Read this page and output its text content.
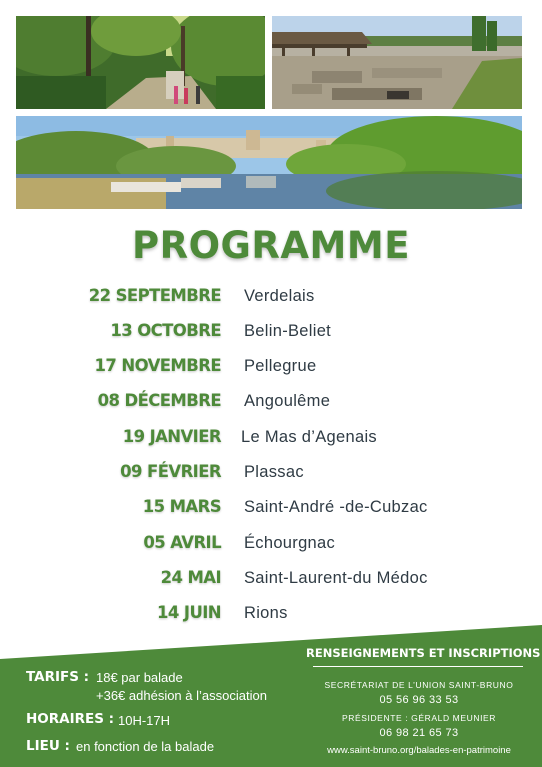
PROGRAMME
22 SEPTEMBRE Verdelais
13 OCTOBRE Belin-Beliet
17 NOVEMBRE Pellegrue
08 DÉCEMBRE Angoulême
19 JANVIER Le Mas d’Agenais
09 FÉVRIER Plassac
15 MARS Saint-André -de-Cubzac
05 AVRIL Échourgnac
24 MAI Saint-Laurent-du Médoc
14 JUIN Rions
TARIFS : 18€ par balade
+36€ adhésion à l’association
HORAIRES : 10H-17H
LIEU : en fonction de la balade
RENSEIGNEMENTS ET INSCRIPTIONS
SECRÉTARIAT DE L’UNION SAINT-BRUNO
05 56 96 33 53
PRÉSIDENTE : GÉRALD MEUNIER
06 98 21 65 73
www.saint-bruno.org/balades-en-patrimoine
